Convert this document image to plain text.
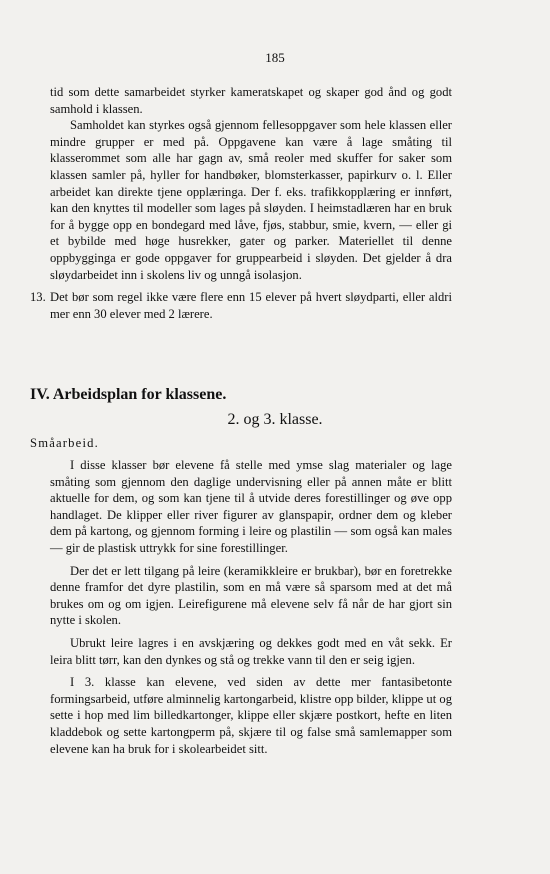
185

tid som dette samarbeidet styrker kameratskapet og skaper god ånd og godt samhold i klassen.

Samholdet kan styrkes også gjennom fellesoppgaver som hele klassen eller mindre grupper er med på. Oppgavene kan være å lage småting til klasserommet som alle har gagn av, små reoler med skuffer for saker som klassen samler på, hyller for handbøker, blomsterkasser, papirkurv o. l. Eller arbeidet kan direkte tjene opplæringa. Der f. eks. trafikkopplæring er innført, kan den knyttes til modeller som lages på sløyden. I heimstadlæren har en bruk for å bygge opp en bondegard med låve, fjøs, stabbur, smie, kvern, — eller gi et bybilde med høge husrekker, gater og parker. Materiellet til denne oppbygginga er gode oppgaver for gruppearbeid i sløyden. Det gjelder å dra sløydarbeidet inn i skolens liv og unngå isolasjon.

13. Det bør som regel ikke være flere enn 15 elever på hvert sløydparti, eller aldri mer enn 30 elever med 2 lærere.
IV. Arbeidsplan for klassene.
2. og 3. klasse.
Småarbeid.

I disse klasser bør elevene få stelle med ymse slag materialer og lage småting som gjennom den daglige undervisning eller på annen måte er blitt aktuelle for dem, og som kan tjene til å utvide deres forestillinger og øve opp handlaget. De klipper eller river figurer av glanspapir, ordner dem og kleber dem på kartong, og gjennom forming i leire og plastilin — som også kan males — gir de plastisk uttrykk for sine forestillinger.

Der det er lett tilgang på leire (keramikkleire er brukbar), bør en foretrekke denne framfor det dyre plastilin, som en må være så sparsom med at det må brukes om og om igjen. Leirefigurene må elevene selv få når de har gjort sin nytte i skolen.

Ubrukt leire lagres i en avskjæring og dekkes godt med en våt sekk. Er leira blitt tørr, kan den dynkes og stå og trekke vann til den er seig igjen.

I 3. klasse kan elevene, ved siden av dette mer fantasibetonte formingsarbeid, utføre alminnelig kartongarbeid, klistre opp bilder, klippe ut og sette i hop med lim billedkartonger, klippe eller skjære postkort, hefte en liten kladdebok og sette kartongperm på, skjære til og false små samlemapper som elevene kan ha bruk for i skolearbeidet sitt.
